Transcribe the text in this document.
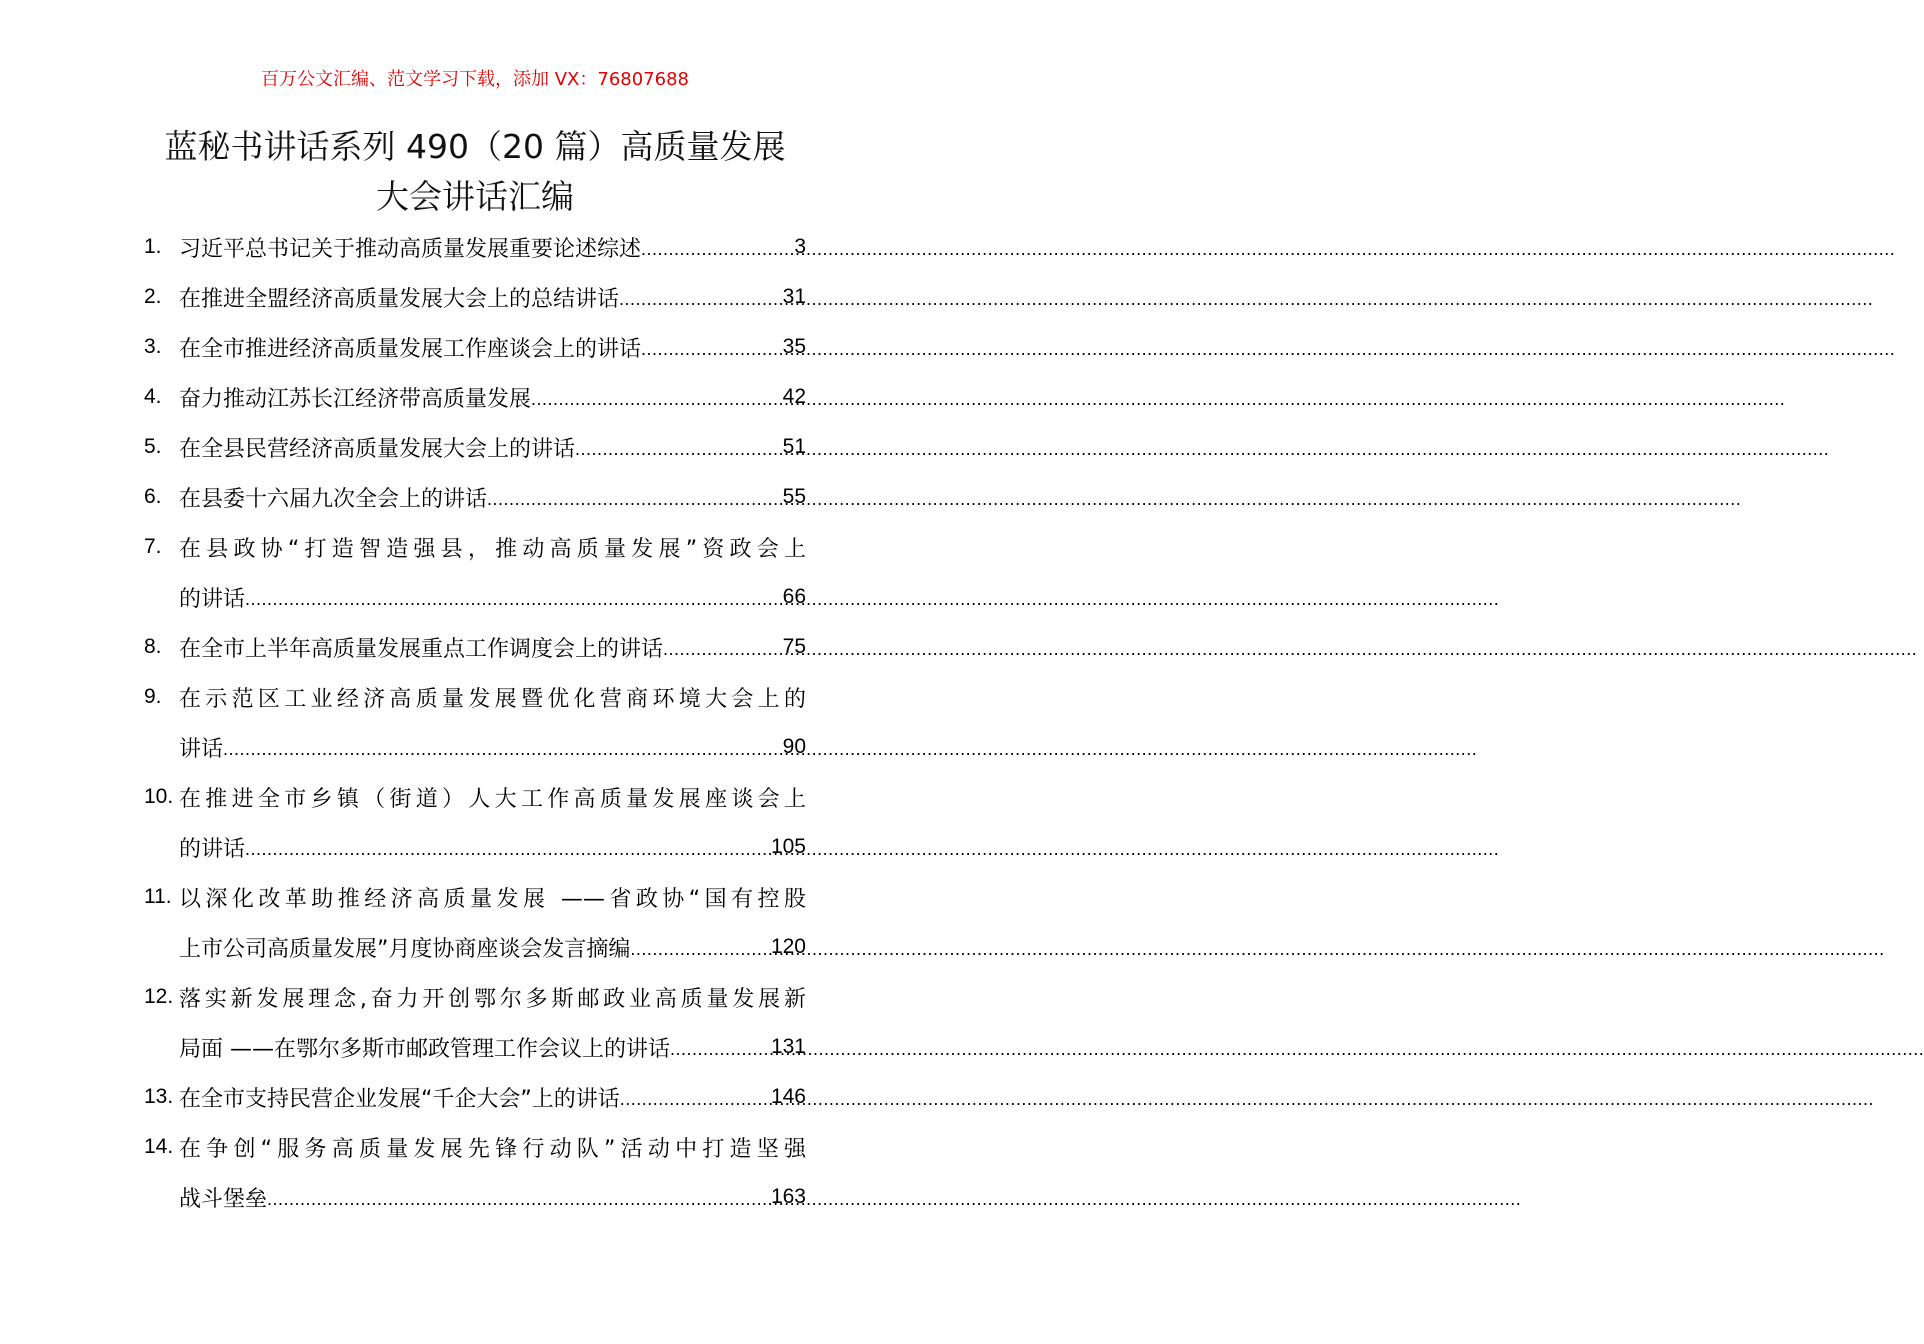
百万公文汇编、范文学习下载，添加 VX：76807688
蓝秘书讲话系列 490（20 篇）高质量发展
大会讲话汇编
1. 习近平总书记关于推动高质量发展重要论述综述 .....	3
2. 在推进全盟经济高质量发展大会上的总结讲话 .....	31
3. 在全市推进经济高质量发展工作座谈会上的讲话 .....	35
4. 奋力推动江苏长江经济带高质量发展 .....	42
5. 在全县民营经济高质量发展大会上的讲话 .....	51
6. 在县委十六届九次全会上的讲话 .....	55
7. 在县政协“打造智造强县，推动高质量发展”资政会上
的讲话 .....	66
8. 在全市上半年高质量发展重点工作调度会上的讲话 .....	75
9. 在示范区工业经济高质量发展暨优化营商环境大会上的
讲话 .....	90
10. 在推进全市乡镇（街道）人大工作高质量发展座谈会上
的讲话 .....	105
11. 以深化改革助推经济高质量发展 ——省政协“国有控股
上市公司高质量发展”月度协商座谈会发言摘编 .....	120
12. 落实新发展理念,奋力开创鄂尔多斯邮政业高质量发展新
局面 ——在鄂尔多斯市邮政管理工作会议上的讲话 .....	131
13. 在全市支持民营企业发展“千企大会”上的讲话 .....	146
14. 在争创“服务高质量发展先锋行动队”活动中打造坚强
战斗堡垒 .....	163
